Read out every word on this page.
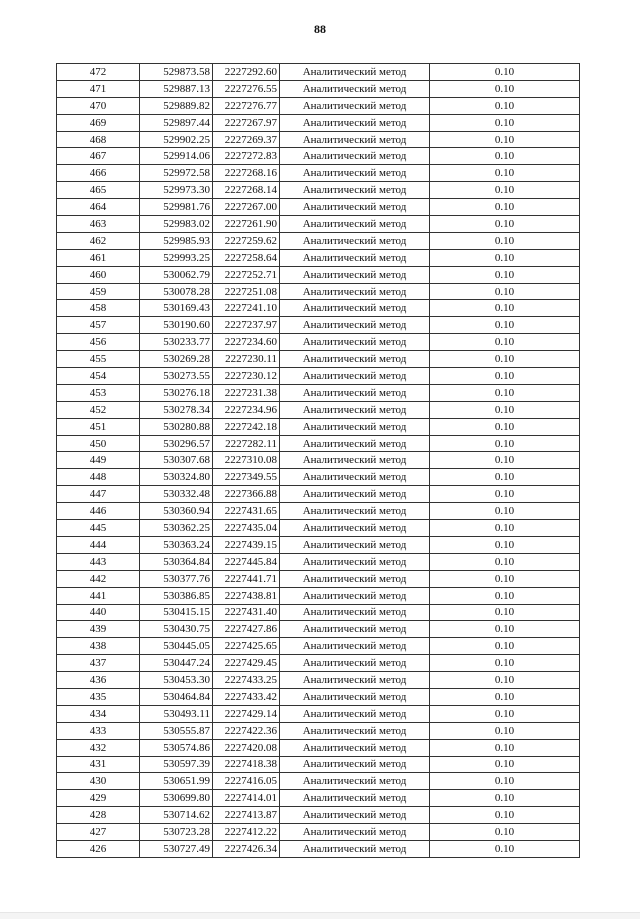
88
472	529873.58	2227292.60	Аналитический метод	0.10
471	529887.13	2227276.55	Аналитический метод	0.10
470	529889.82	2227276.77	Аналитический метод	0.10
469	529897.44	2227267.97	Аналитический метод	0.10
468	529902.25	2227269.37	Аналитический метод	0.10
467	529914.06	2227272.83	Аналитический метод	0.10
466	529972.58	2227268.16	Аналитический метод	0.10
465	529973.30	2227268.14	Аналитический метод	0.10
464	529981.76	2227267.00	Аналитический метод	0.10
463	529983.02	2227261.90	Аналитический метод	0.10
462	529985.93	2227259.62	Аналитический метод	0.10
461	529993.25	2227258.64	Аналитический метод	0.10
460	530062.79	2227252.71	Аналитический метод	0.10
459	530078.28	2227251.08	Аналитический метод	0.10
458	530169.43	2227241.10	Аналитический метод	0.10
457	530190.60	2227237.97	Аналитический метод	0.10
456	530233.77	2227234.60	Аналитический метод	0.10
455	530269.28	2227230.11	Аналитический метод	0.10
454	530273.55	2227230.12	Аналитический метод	0.10
453	530276.18	2227231.38	Аналитический метод	0.10
452	530278.34	2227234.96	Аналитический метод	0.10
451	530280.88	2227242.18	Аналитический метод	0.10
450	530296.57	2227282.11	Аналитический метод	0.10
449	530307.68	2227310.08	Аналитический метод	0.10
448	530324.80	2227349.55	Аналитический метод	0.10
447	530332.48	2227366.88	Аналитический метод	0.10
446	530360.94	2227431.65	Аналитический метод	0.10
445	530362.25	2227435.04	Аналитический метод	0.10
444	530363.24	2227439.15	Аналитический метод	0.10
443	530364.84	2227445.84	Аналитический метод	0.10
442	530377.76	2227441.71	Аналитический метод	0.10
441	530386.85	2227438.81	Аналитический метод	0.10
440	530415.15	2227431.40	Аналитический метод	0.10
439	530430.75	2227427.86	Аналитический метод	0.10
438	530445.05	2227425.65	Аналитический метод	0.10
437	530447.24	2227429.45	Аналитический метод	0.10
436	530453.30	2227433.25	Аналитический метод	0.10
435	530464.84	2227433.42	Аналитический метод	0.10
434	530493.11	2227429.14	Аналитический метод	0.10
433	530555.87	2227422.36	Аналитический метод	0.10
432	530574.86	2227420.08	Аналитический метод	0.10
431	530597.39	2227418.38	Аналитический метод	0.10
430	530651.99	2227416.05	Аналитический метод	0.10
429	530699.80	2227414.01	Аналитический метод	0.10
428	530714.62	2227413.87	Аналитический метод	0.10
427	530723.28	2227412.22	Аналитический метод	0.10
426	530727.49	2227426.34	Аналитический метод	0.10
